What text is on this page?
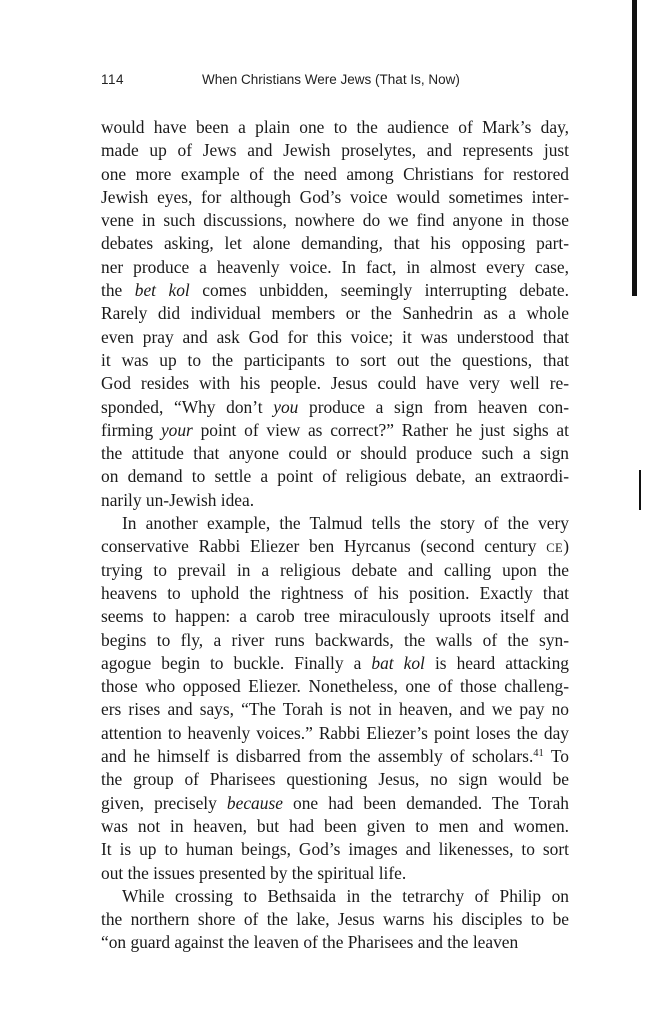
114	When Christians Were Jews (That Is, Now)
would have been a plain one to the audience of Mark’s day,
made up of Jews and Jewish proselytes, and represents just
one more example of the need among Christians for restored
Jewish eyes, for although God’s voice would sometimes inter-
vene in such discussions, nowhere do we find anyone in those
debates asking, let alone demanding, that his opposing part-
ner produce a heavenly voice. In fact, in almost every case,
the bet kol comes unbidden, seemingly interrupting debate.
Rarely did individual members or the Sanhedrin as a whole
even pray and ask God for this voice; it was understood that
it was up to the participants to sort out the questions, that
God resides with his people. Jesus could have very well re-
sponded, “Why don’t you produce a sign from heaven con-
firming your point of view as correct?” Rather he just sighs at
the attitude that anyone could or should produce such a sign
on demand to settle a point of religious debate, an extraordi-
narily un-Jewish idea.
In another example, the Talmud tells the story of the very
conservative Rabbi Eliezer ben Hyrcanus (second century CE)
trying to prevail in a religious debate and calling upon the
heavens to uphold the rightness of his position. Exactly that
seems to happen: a carob tree miraculously uproots itself and
begins to fly, a river runs backwards, the walls of the syn-
agogue begin to buckle. Finally a bat kol is heard attacking
those who opposed Eliezer. Nonetheless, one of those challeng-
ers rises and says, “The Torah is not in heaven, and we pay no
attention to heavenly voices.” Rabbi Eliezer’s point loses the day
and he himself is disbarred from the assembly of scholars.$^{41}$ To
the group of Pharisees questioning Jesus, no sign would be
given, precisely because one had been demanded. The Torah
was not in heaven, but had been given to men and women.
It is up to human beings, God’s images and likenesses, to sort
out the issues presented by the spiritual life.
While crossing to Bethsaida in the tetrarchy of Philip on
the northern shore of the lake, Jesus warns his disciples to be
“on guard against the leaven of the Pharisees and the leaven
